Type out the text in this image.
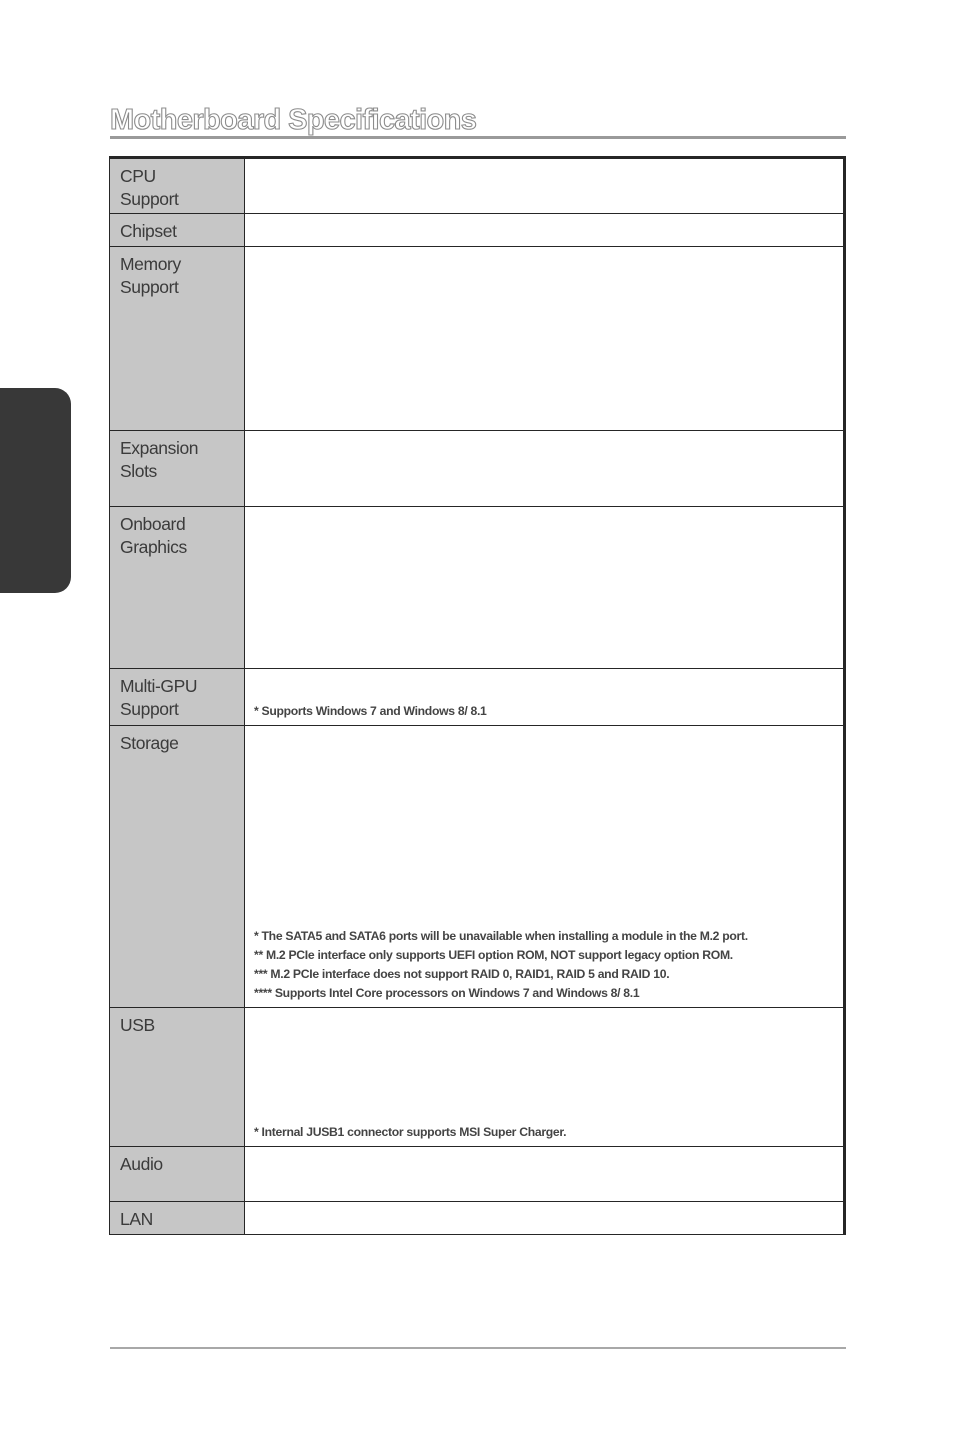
Motherboard Specifications
CPU
Support	

Chipset	

Memory
Support	

Expansion
Slots	

Onboard
Graphics	

Multi-GPU
Support	* Supports Windows 7 and Windows 8/ 8.1

Storage	* The SATA5 and SATA6 ports will be unavailable when installing a module in the M.2 port.
** M.2 PCIe interface only supports UEFI option ROM, NOT support legacy option ROM.
*** M.2 PCIe interface does not support RAID 0, RAID1, RAID 5 and RAID 10.
**** Supports Intel Core processors on Windows 7 and Windows 8/ 8.1

USB	* Internal JUSB1 connector supports MSI Super Charger.

Audio	

LAN	
